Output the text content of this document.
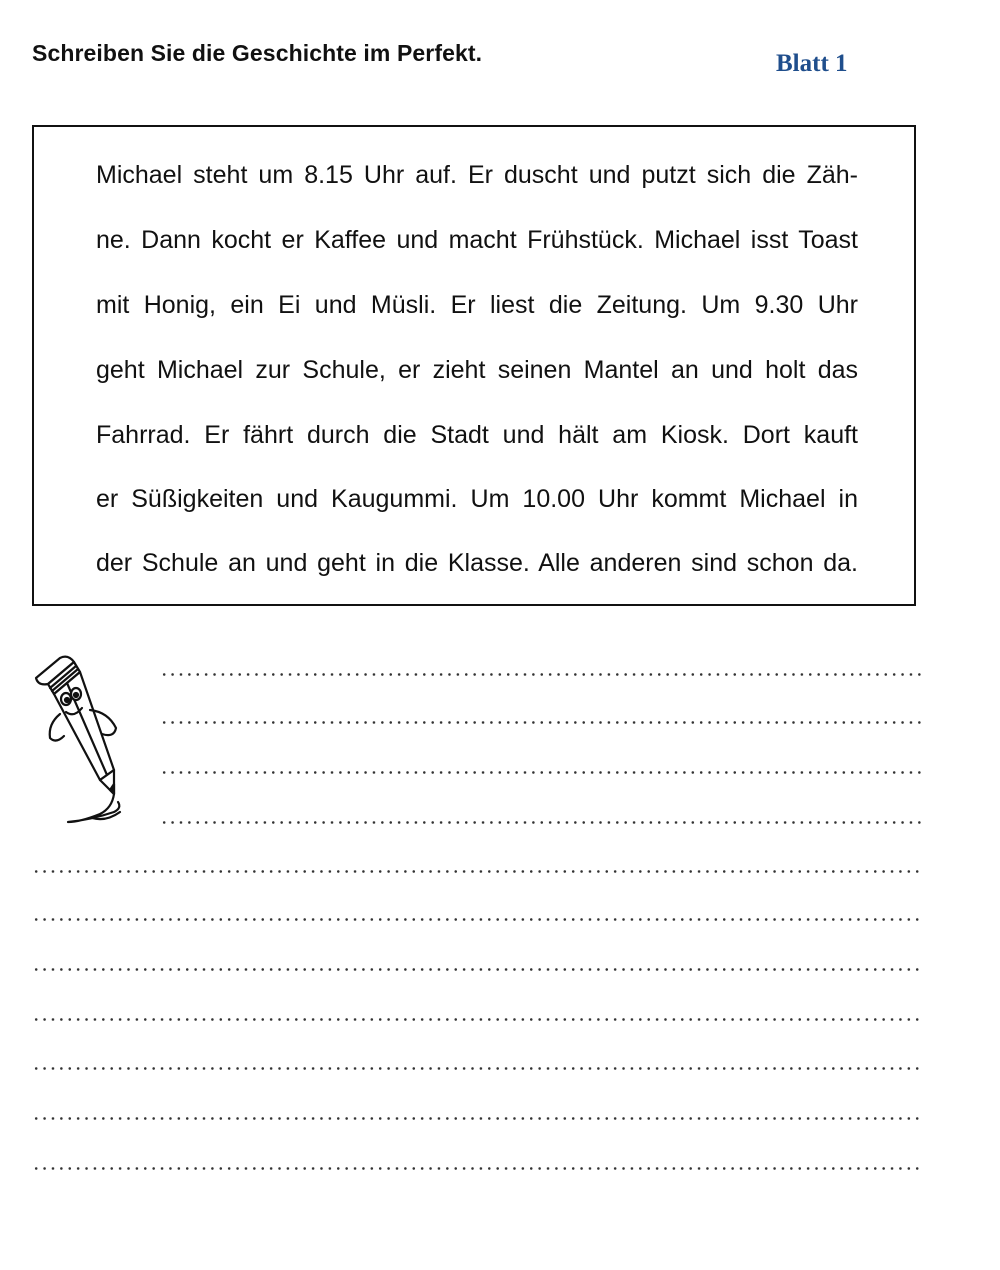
Schreiben Sie die Geschichte im Perfekt.	Blatt 1
Michael steht um 8.15 Uhr auf. Er duscht und putzt sich die Zäh-
ne. Dann kocht er Kaffee und macht Frühstück. Michael isst Toast
mit Honig, ein Ei und Müsli. Er liest die Zeitung. Um 9.30 Uhr
geht Michael zur Schule, er zieht seinen Mantel an und holt das
Fahrrad. Er fährt durch die Stadt und hält am Kiosk. Dort kauft
er Süßigkeiten und Kaugummi. Um 10.00 Uhr kommt Michael in
der Schule an und geht in die Klasse. Alle anderen sind schon da.
